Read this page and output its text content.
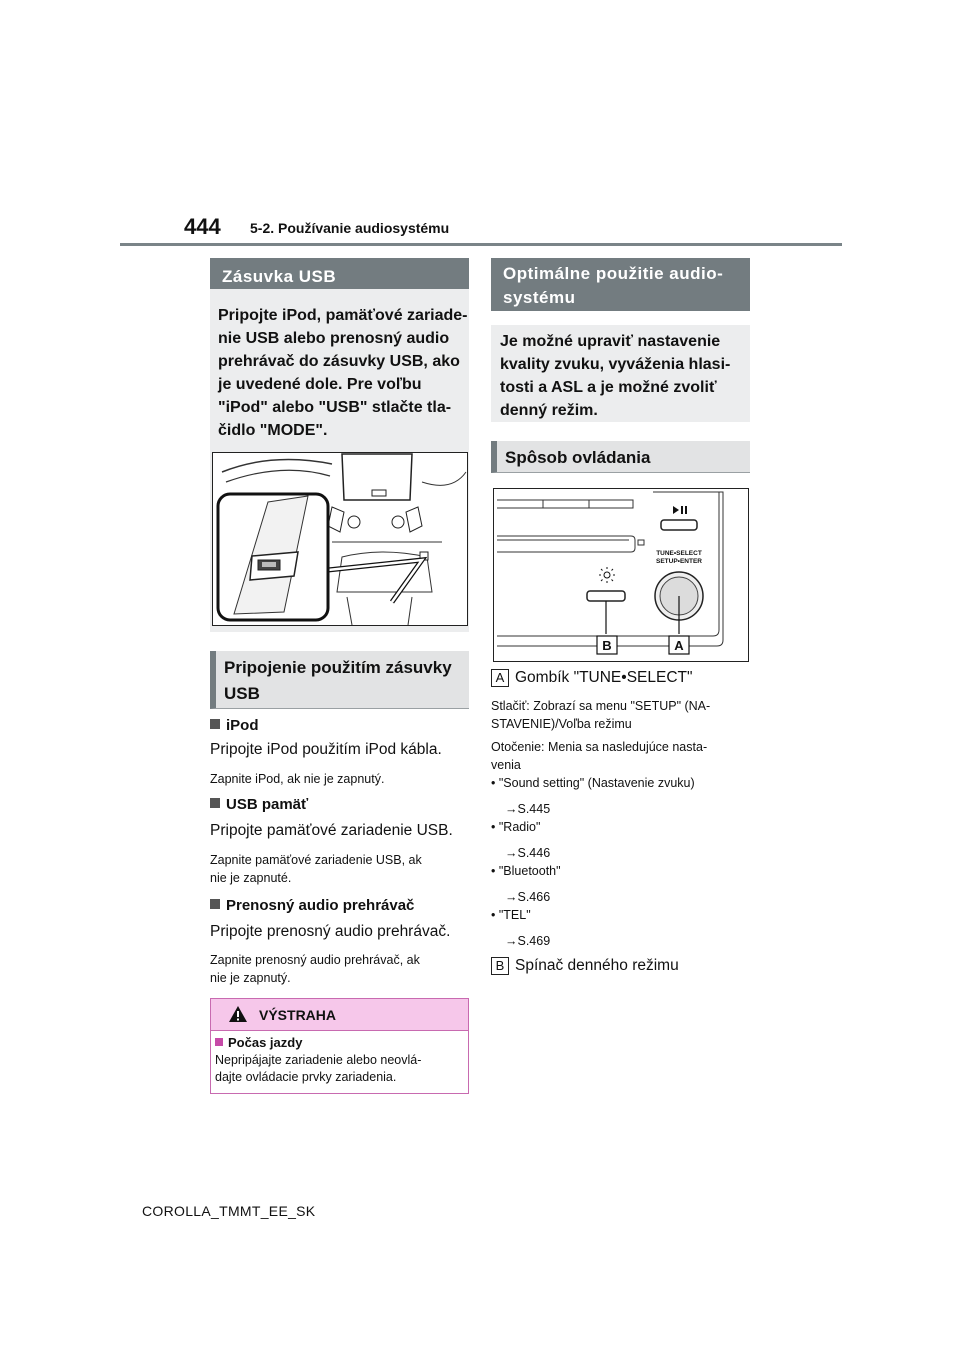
444 5-2. Používanie audiosystému
Zásuvka USB
Pripojte iPod, pamäťové zariade-
nie USB alebo prenosný audio
prehrávač do zásuvky USB, ako
je uvedené dole. Pre voľbu
"iPod" alebo "USB" stlačte tla-
čidlo "MODE".
Pripojenie použitím zásuvky
USB
iPod
Pripojte iPod použitím iPod kábla.
Zapnite iPod, ak nie je zapnutý.
USB pamäť
Pripojte pamäťové zariadenie USB.
Zapnite pamäťové zariadenie USB, ak
nie je zapnuté.
Prenosný audio prehrávač
Pripojte prenosný audio prehrávač.
Zapnite prenosný audio prehrávač, ak
nie je zapnutý.
VÝSTRAHA
Počas jazdy
Nepripájajte zariadenie alebo neovlá-
dajte ovládacie prvky zariadenia.
Optimálne použitie audio-
systému
Je možné upraviť nastavenie
kvality zvuku, vyváženia hlasi-
tosti a ASL a je možné zvoliť
denný režim.
Spôsob ovládania
TUNE•SELECT
SETUP•ENTER
B	A
A Gombík "TUNE•SELECT"
Stlačiť: Zobrazí sa menu "SETUP" (NA-
STAVENIE)/Voľba režimu
Otočenie: Menia sa nasledujúce nasta-
venia
• "Sound setting" (Nastavenie zvuku)
→S.445
• "Radio"
→S.446
• "Bluetooth"
→S.466
• "TEL"
→S.469
B Spínač denného režimu
COROLLA_TMMT_EE_SK
